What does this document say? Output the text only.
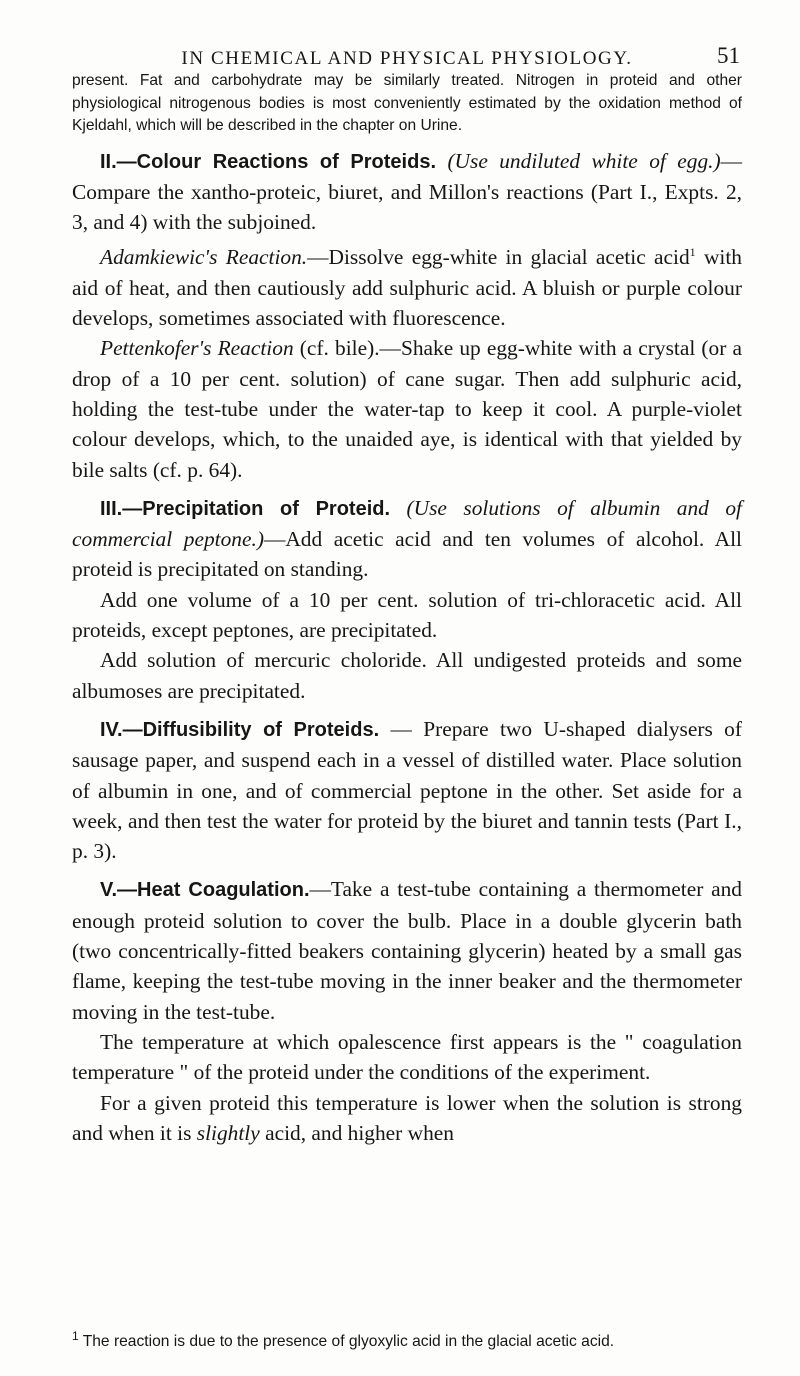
IN CHEMICAL AND PHYSICAL PHYSIOLOGY.	51

present. Fat and carbohydrate may be similarly treated. Nitrogen in proteid and other physiological nitrogenous bodies is most conveniently estimated by the oxidation method of Kjeldahl, which will be described in the chapter on Urine.

II.—Colour Reactions of Proteids. (Use undiluted white of egg.)—Compare the xantho-proteic, biuret, and Millon's reactions (Part I., Expts. 2, 3, and 4) with the subjoined.

Adamkiewic's Reaction.—Dissolve egg-white in glacial acetic acid$^1$ with aid of heat, and then cautiously add sulphuric acid. A bluish or purple colour develops, sometimes associated with fluorescence.

Pettenkofer's Reaction (cf. bile).—Shake up egg-white with a crystal (or a drop of a 10 per cent. solution) of cane sugar. Then add sulphuric acid, holding the test-tube under the water-tap to keep it cool. A purple-violet colour develops, which, to the unaided aye, is identical with that yielded by bile salts (cf. p. 64).

III.—Precipitation of Proteid. (Use solutions of albumin and of commercial peptone.)—Add acetic acid and ten volumes of alcohol. All proteid is precipitated on standing.

Add one volume of a 10 per cent. solution of tri-chloracetic acid. All proteids, except peptones, are precipitated.

Add solution of mercuric choloride. All undigested proteids and some albumoses are precipitated.

IV.—Diffusibility of Proteids. — Prepare two U-shaped dialysers of sausage paper, and suspend each in a vessel of distilled water. Place solution of albumin in one, and of commercial peptone in the other. Set aside for a week, and then test the water for proteid by the biuret and tannin tests (Part I., p. 3).

V.—Heat Coagulation.—Take a test-tube containing a thermometer and enough proteid solution to cover the bulb. Place in a double glycerin bath (two concentrically-fitted beakers containing glycerin) heated by a small gas flame, keeping the test-tube moving in the inner beaker and the thermometer moving in the test-tube.

The temperature at which opalescence first appears is the " coagulation temperature " of the proteid under the conditions of the experiment.

For a given proteid this temperature is lower when the solution is strong and when it is slightly acid, and higher when

$^1$ The reaction is due to the presence of glyoxylic acid in the glacial acetic acid.
